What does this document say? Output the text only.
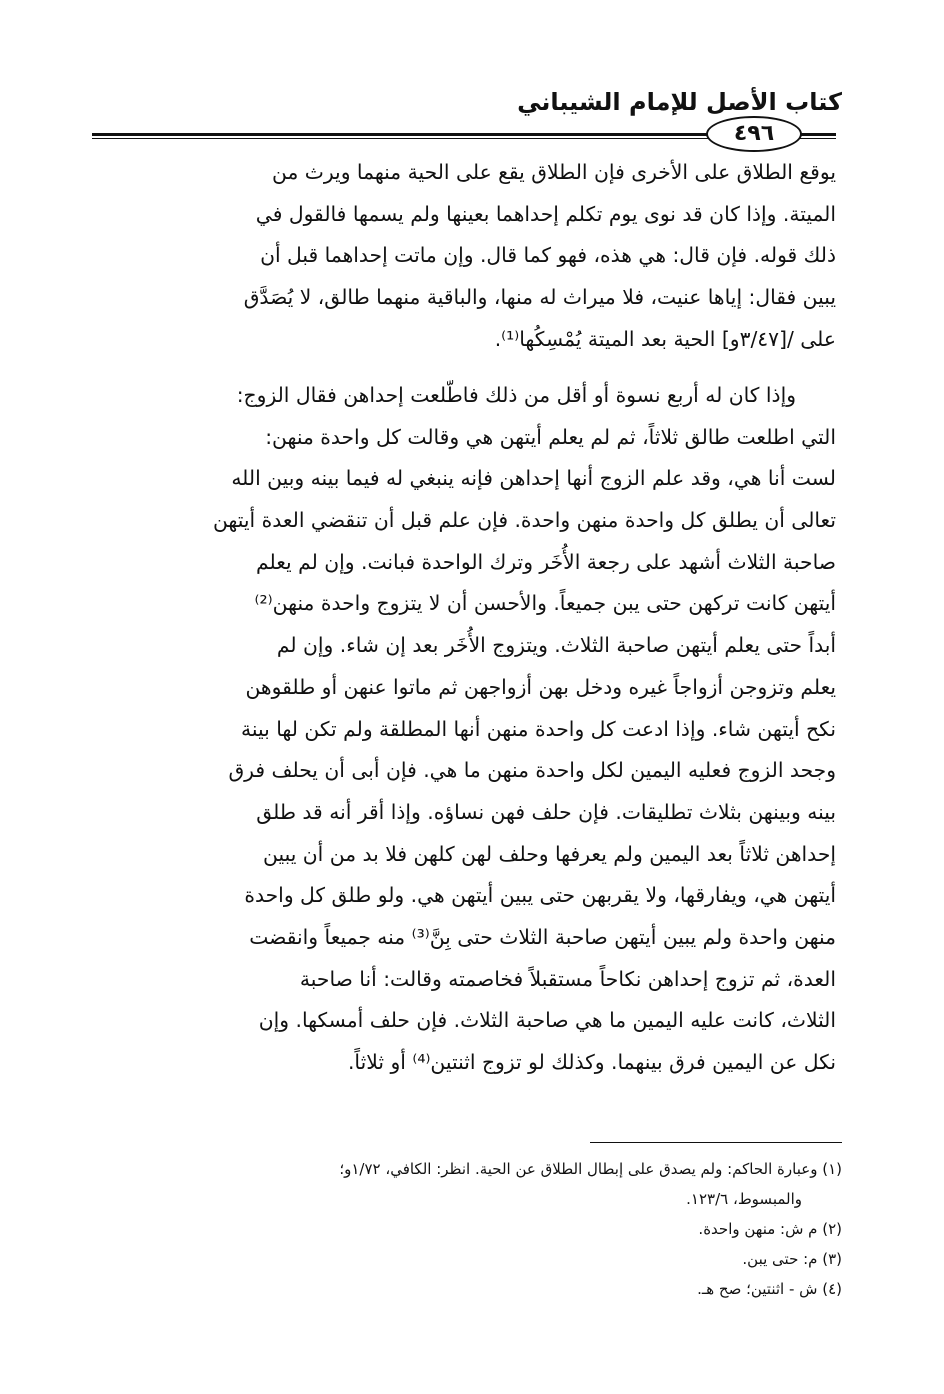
كتاب الأصل للإمام الشيباني
٤٩٦
يوقع الطلاق على الأخرى فإن الطلاق يقع على الحية منهما ويرث من
الميتة. وإذا كان قد نوى يوم تكلم إحداهما بعينها ولم يسمها فالقول في
ذلك قوله. فإن قال: هي هذه، فهو كما قال. وإن ماتت إحداهما قبل أن
يبين فقال: إياها عنيت، فلا ميراث له منها، والباقية منهما طالق، لا يُصَدَّق
على /[٣/٤٧و] الحية بعد الميتة يُمْسِكُها⁽¹⁾.
وإذا كان له أربع نسوة أو أقل من ذلك فاطّلعت إحداهن فقال الزوج:
التي اطلعت طالق ثلاثاً، ثم لم يعلم أيتهن هي وقالت كل واحدة منهن:
لست أنا هي، وقد علم الزوج أنها إحداهن فإنه ينبغي له فيما بينه وبين الله
تعالى أن يطلق كل واحدة منهن واحدة. فإن علم قبل أن تنقضي العدة أيتهن
صاحبة الثلاث أشهد على رجعة الأُخَر وترك الواحدة فبانت. وإن لم يعلم
أيتهن كانت تركهن حتى يبن جميعاً. والأحسن أن لا يتزوج واحدة منهن⁽²⁾
أبداً حتى يعلم أيتهن صاحبة الثلاث. ويتزوج الأُخَر بعد إن شاء. وإن لم
يعلم وتزوجن أزواجاً غيره ودخل بهن أزواجهن ثم ماتوا عنهن أو طلقوهن
نكح أيتهن شاء. وإذا ادعت كل واحدة منهن أنها المطلقة ولم تكن لها بينة
وجحد الزوج فعليه اليمين لكل واحدة منهن ما هي. فإن أبى أن يحلف فرق
بينه وبينهن بثلاث تطليقات. فإن حلف فهن نساؤه. وإذا أقر أنه قد طلق
إحداهن ثلاثاً بعد اليمين ولم يعرفها وحلف لهن كلهن فلا بد من أن يبين
أيتهن هي، ويفارقها، ولا يقربهن حتى يبين أيتهن هي. ولو طلق كل واحدة
منهن واحدة ولم يبين أيتهن صاحبة الثلاث حتى بِنَّ⁽³⁾ منه جميعاً وانقضت
العدة، ثم تزوج إحداهن نكاحاً مستقبلاً فخاصمته وقالت: أنا صاحبة
الثلاث، كانت عليه اليمين ما هي صاحبة الثلاث. فإن حلف أمسكها. وإن
نكل عن اليمين فرق بينهما. وكذلك لو تزوج اثنتين⁽⁴⁾ أو ثلاثاً.
(١) وعبارة الحاكم: ولم يصدق على إبطال الطلاق عن الحية. انظر: الكافي، ١/٧٢و؛
والمبسوط، ١٢٣/٦.
(٢) م ش: منهن واحدة.
(٣) م: حتى يبن.
(٤) ش - اثنتين؛ صح هـ.
